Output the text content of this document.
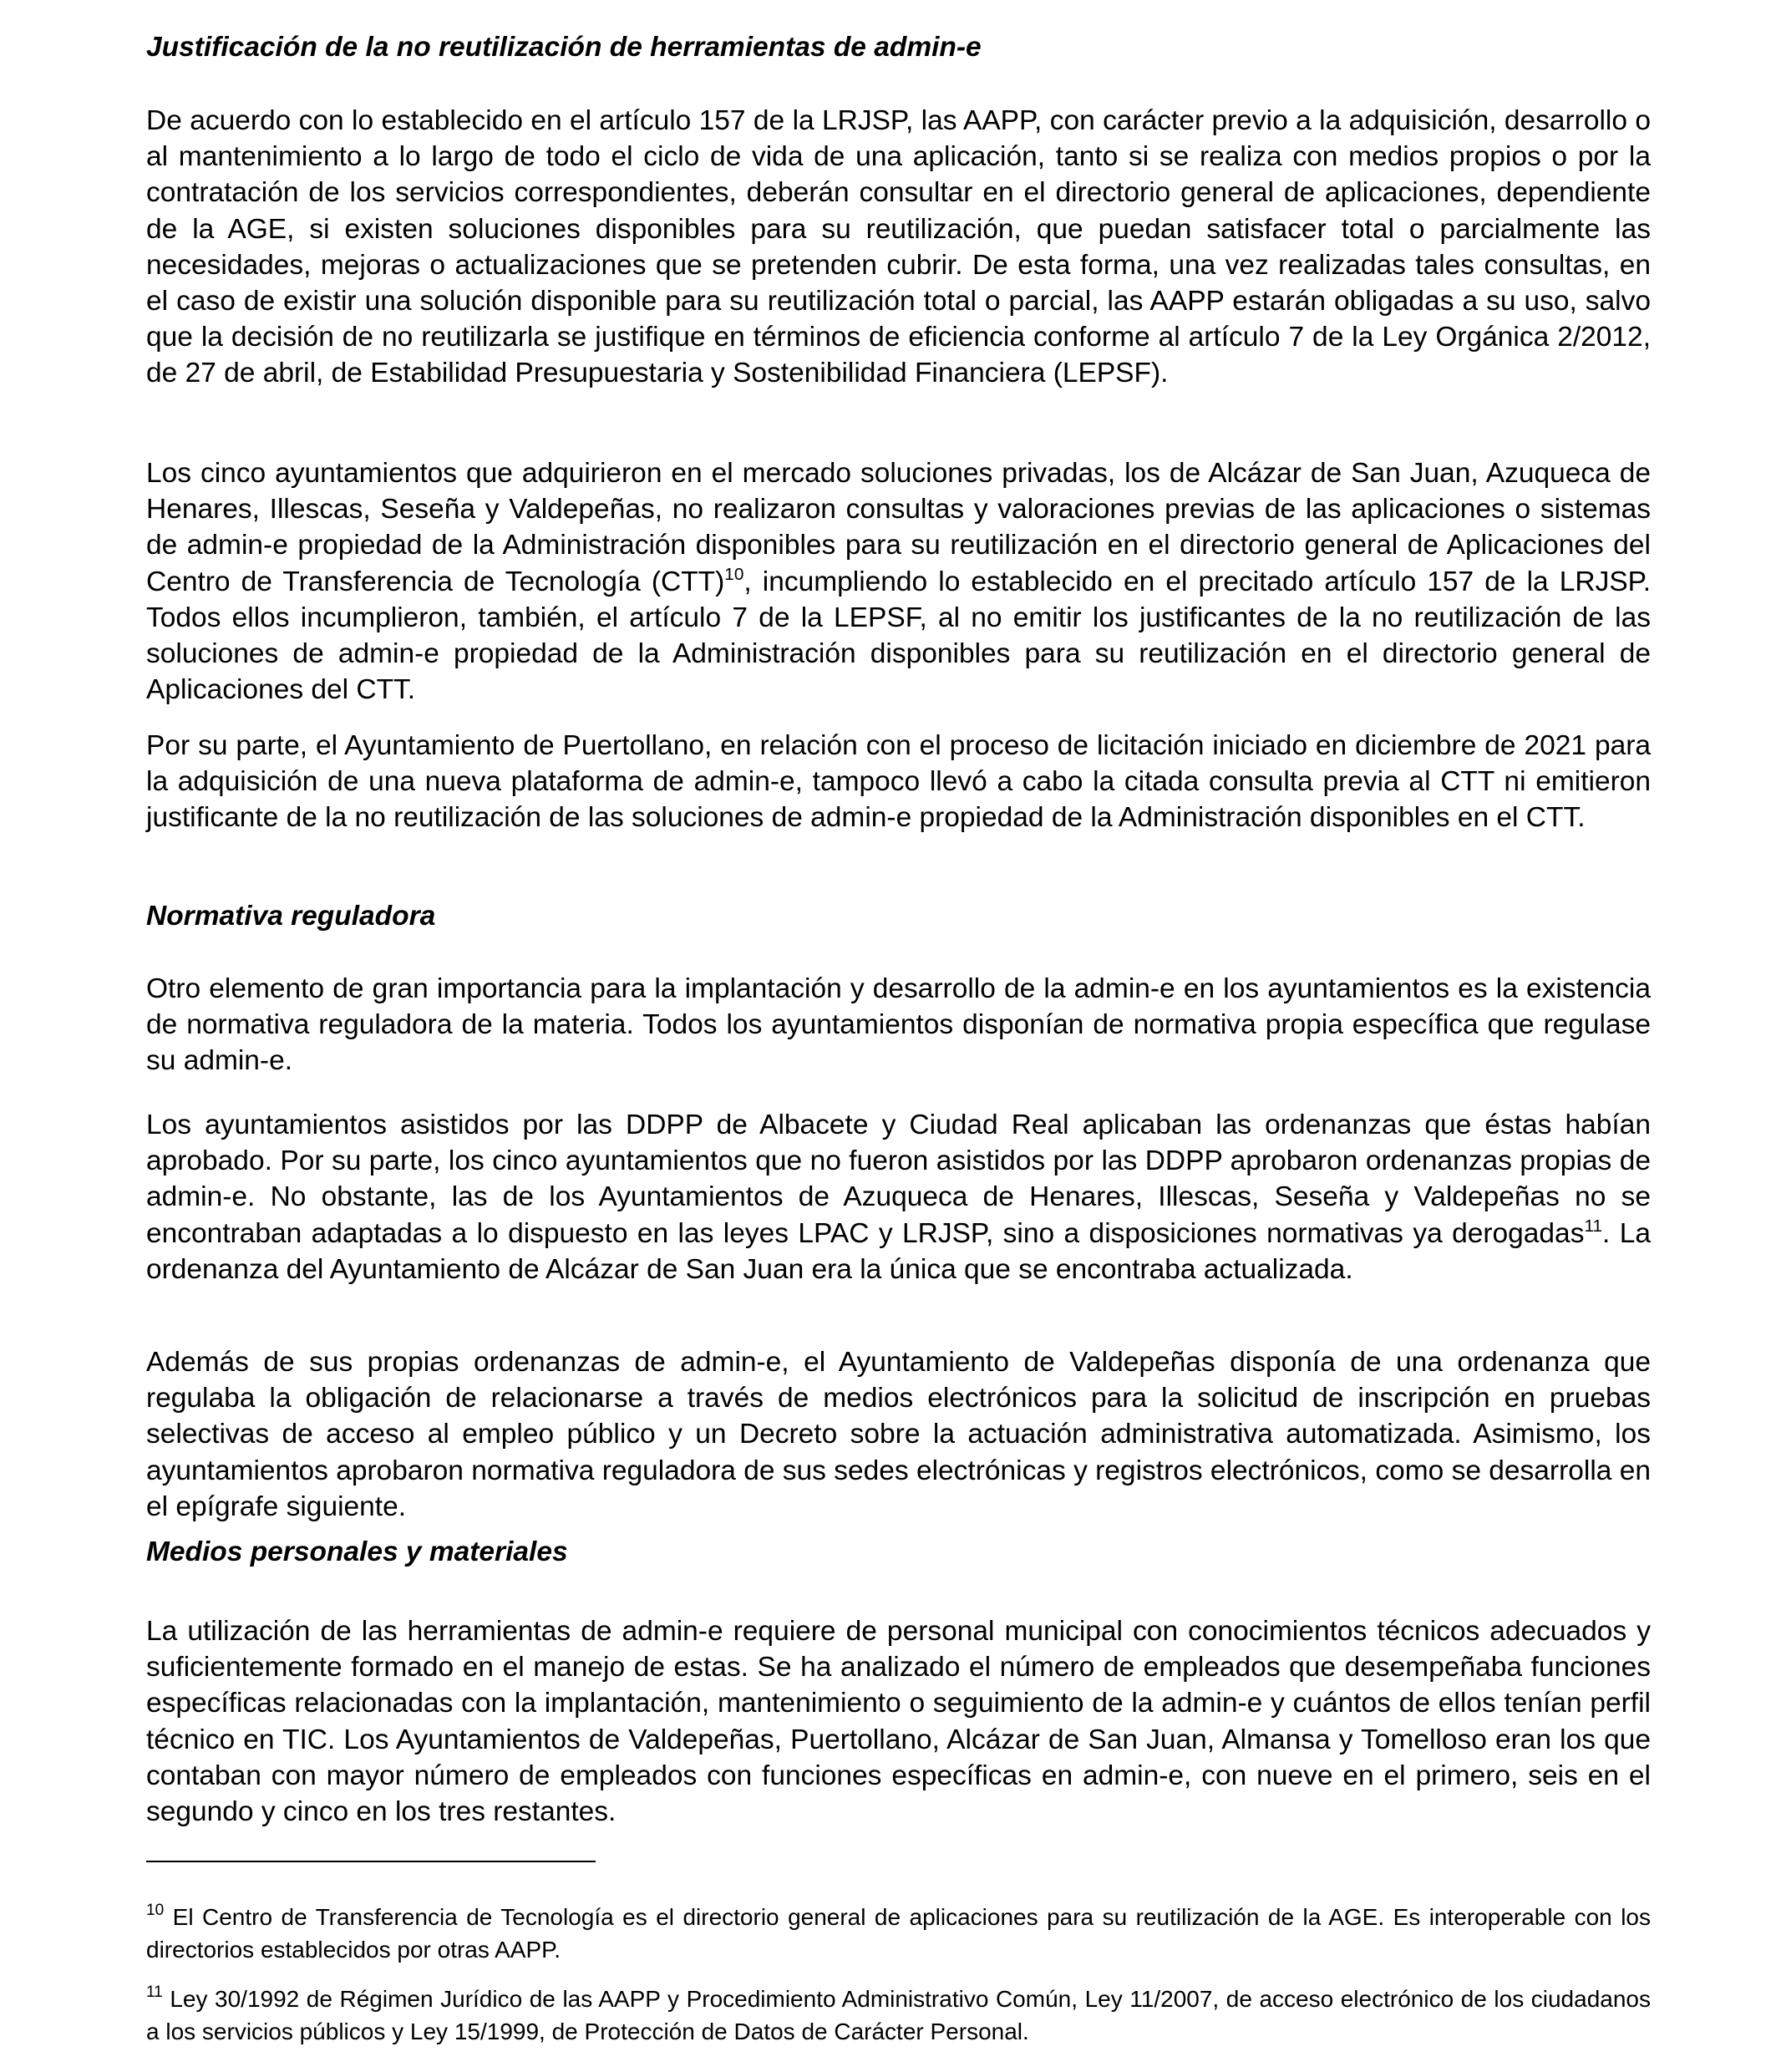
Justificación de la no reutilización de herramientas de admin-e

De acuerdo con lo establecido en el artículo 157 de la LRJSP, las AAPP, con carácter previo a la adquisición, desarrollo o al mantenimiento a lo largo de todo el ciclo de vida de una aplicación, tanto si se realiza con medios propios o por la contratación de los servicios correspondientes, deberán consultar en el directorio general de aplicaciones, dependiente de la AGE, si existen soluciones disponibles para su reutilización, que puedan satisfacer total o parcialmente las necesidades, mejoras o actualizaciones que se pretenden cubrir. De esta forma, una vez realizadas tales consultas, en el caso de existir una solución disponible para su reutilización total o parcial, las AAPP estarán obligadas a su uso, salvo que la decisión de no reutilizarla se justifique en términos de eficiencia conforme al artículo 7 de la Ley Orgánica 2/2012, de 27 de abril, de Estabilidad Presupuestaria y Sostenibilidad Financiera (LEPSF).

Los cinco ayuntamientos que adquirieron en el mercado soluciones privadas, los de Alcázar de San Juan, Azuqueca de Henares, Illescas, Seseña y Valdepeñas, no realizaron consultas y valoraciones previas de las aplicaciones o sistemas de admin-e propiedad de la Administración disponibles para su reutilización en el directorio general de Aplicaciones del Centro de Transferencia de Tecnología (CTT)$^{10}$, incumpliendo lo establecido en el precitado artículo 157 de la LRJSP. Todos ellos incumplieron, también, el artículo 7 de la LEPSF, al no emitir los justificantes de la no reutilización de las soluciones de admin-e propiedad de la Administración disponibles para su reutilización en el directorio general de Aplicaciones del CTT.

Por su parte, el Ayuntamiento de Puertollano, en relación con el proceso de licitación iniciado en diciembre de 2021 para la adquisición de una nueva plataforma de admin-e, tampoco llevó a cabo la citada consulta previa al CTT ni emitieron justificante de la no reutilización de las soluciones de admin-e propiedad de la Administración disponibles en el CTT.

Normativa reguladora

Otro elemento de gran importancia para la implantación y desarrollo de la admin-e en los ayuntamientos es la existencia de normativa reguladora de la materia. Todos los ayuntamientos disponían de normativa propia específica que regulase su admin-e.

Los ayuntamientos asistidos por las DDPP de Albacete y Ciudad Real aplicaban las ordenanzas que éstas habían aprobado. Por su parte, los cinco ayuntamientos que no fueron asistidos por las DDPP aprobaron ordenanzas propias de admin-e. No obstante, las de los Ayuntamientos de Azuqueca de Henares, Illescas, Seseña y Valdepeñas no se encontraban adaptadas a lo dispuesto en las leyes LPAC y LRJSP, sino a disposiciones normativas ya derogadas$^{11}$. La ordenanza del Ayuntamiento de Alcázar de San Juan era la única que se encontraba actualizada.

Además de sus propias ordenanzas de admin-e, el Ayuntamiento de Valdepeñas disponía de una ordenanza que regulaba la obligación de relacionarse a través de medios electrónicos para la solicitud de inscripción en pruebas selectivas de acceso al empleo público y un Decreto sobre la actuación administrativa automatizada. Asimismo, los ayuntamientos aprobaron normativa reguladora de sus sedes electrónicas y registros electrónicos, como se desarrolla en el epígrafe siguiente.

Medios personales y materiales

La utilización de las herramientas de admin-e requiere de personal municipal con conocimientos técnicos adecuados y suficientemente formado en el manejo de estas. Se ha analizado el número de empleados que desempeñaba funciones específicas relacionadas con la implantación, mantenimiento o seguimiento de la admin-e y cuántos de ellos tenían perfil técnico en TIC. Los Ayuntamientos de Valdepeñas, Puertollano, Alcázar de San Juan, Almansa y Tomelloso eran los que contaban con mayor número de empleados con funciones específicas en admin-e, con nueve en el primero, seis en el segundo y cinco en los tres restantes.

$^{10}$ El Centro de Transferencia de Tecnología es el directorio general de aplicaciones para su reutilización de la AGE. Es interoperable con los directorios establecidos por otras AAPP.

$^{11}$ Ley 30/1992 de Régimen Jurídico de las AAPP y Procedimiento Administrativo Común, Ley 11/2007, de acceso electrónico de los ciudadanos a los servicios públicos y Ley 15/1999, de Protección de Datos de Carácter Personal.
